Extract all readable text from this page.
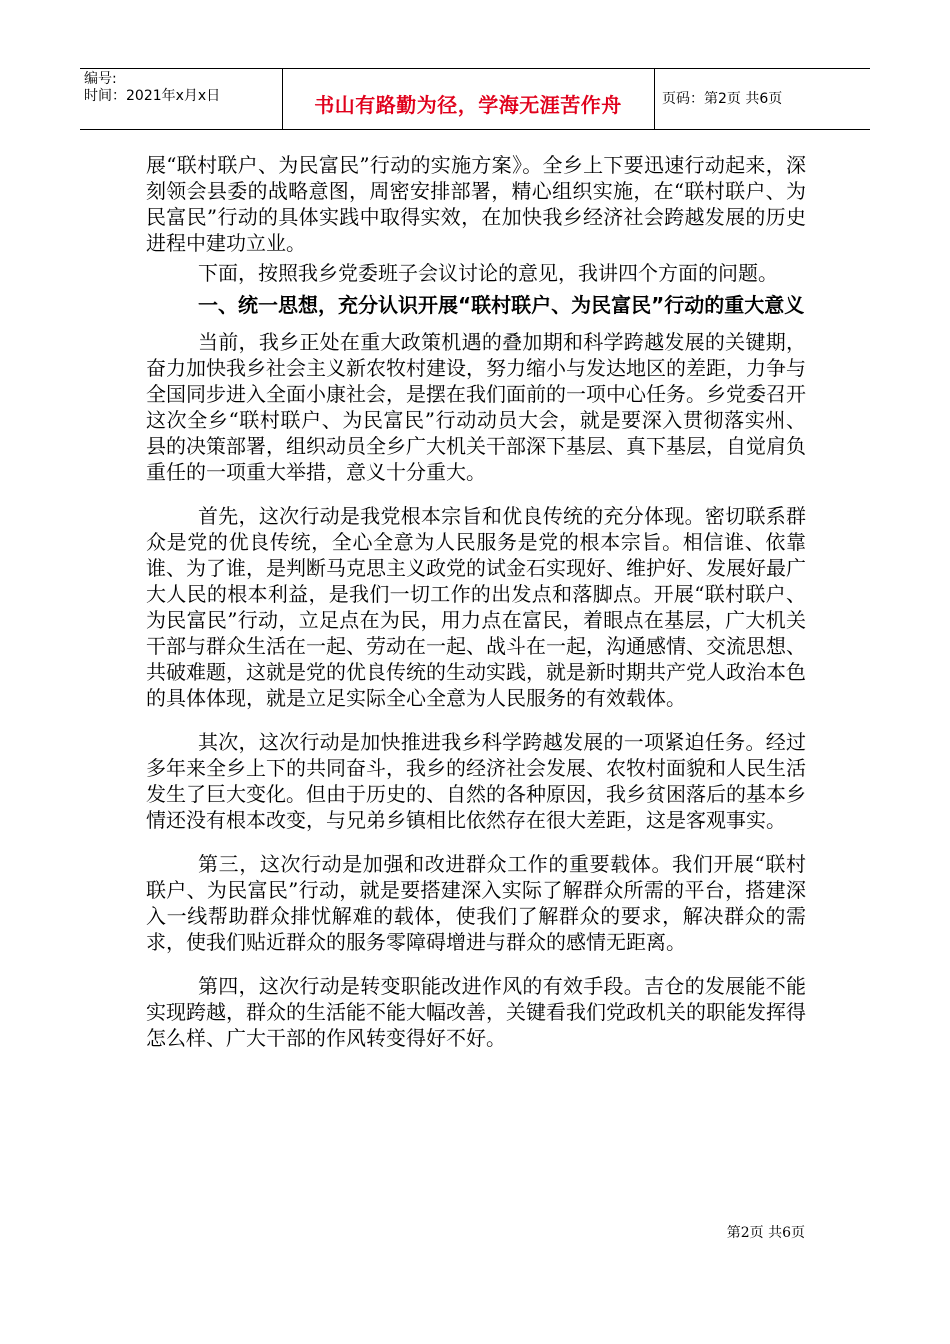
编号:
时间：2021年x月x日	书山有路勤为径，学海无涯苦作舟	页码：第2页 共6页

展“联村联户、为民富民”行动的实施方案》。全乡上下要迅速行动起来，深刻领会县委的战略意图，周密安排部署，精心组织实施，在“联村联户、为民富民”行动的具体实践中取得实效，在加快我乡经济社会跨越发展的历史进程中建功立业。

下面，按照我乡党委班子会议讨论的意见，我讲四个方面的问题。

一、统一思想，充分认识开展“联村联户、为民富民”行动的重大意义

当前，我乡正处在重大政策机遇的叠加期和科学跨越发展的关键期，奋力加快我乡社会主义新农牧村建设，努力缩小与发达地区的差距，力争与全国同步进入全面小康社会，是摆在我们面前的一项中心任务。乡党委召开这次全乡“联村联户、为民富民”行动动员大会，就是要深入贯彻落实州、县的决策部署，组织动员全乡广大机关干部深下基层、真下基层，自觉肩负重任的一项重大举措，意义十分重大。

首先，这次行动是我党根本宗旨和优良传统的充分体现。密切联系群众是党的优良传统，全心全意为人民服务是党的根本宗旨。相信谁、依靠谁、为了谁，是判断马克思主义政党的试金石实现好、维护好、发展好最广大人民的根本利益，是我们一切工作的出发点和落脚点。开展“联村联户、为民富民”行动，立足点在为民，用力点在富民，着眼点在基层，广大机关干部与群众生活在一起、劳动在一起、战斗在一起，沟通感情、交流思想、共破难题，这就是党的优良传统的生动实践，就是新时期共产党人政治本色的具体体现，就是立足实际全心全意为人民服务的有效载体。

其次，这次行动是加快推进我乡科学跨越发展的一项紧迫任务。经过多年来全乡上下的共同奋斗，我乡的经济社会发展、农牧村面貌和人民生活发生了巨大变化。但由于历史的、自然的各种原因，我乡贫困落后的基本乡情还没有根本改变，与兄弟乡镇相比依然存在很大差距，这是客观事实。

第三，这次行动是加强和改进群众工作的重要载体。我们开展“联村联户、为民富民”行动，就是要搭建深入实际了解群众所需的平台，搭建深入一线帮助群众排忧解难的载体，使我们了解群众的要求，解决群众的需求，使我们贴近群众的服务零障碍增进与群众的感情无距离。

第四，这次行动是转变职能改进作风的有效手段。吉仓的发展能不能实现跨越，群众的生活能不能大幅改善，关键看我们党政机关的职能发挥得怎么样、广大干部的作风转变得好不好。

第2页 共6页
